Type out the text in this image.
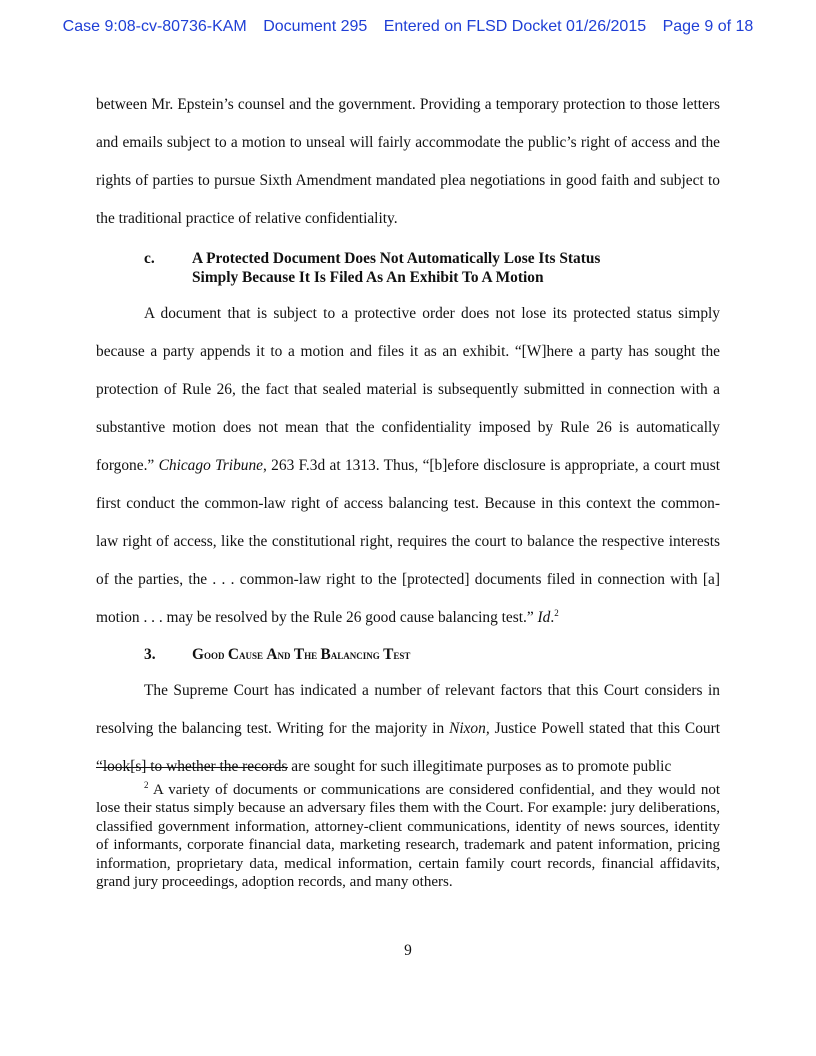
Case 9:08-cv-80736-KAM Document 295 Entered on FLSD Docket 01/26/2015 Page 9 of 18

between Mr. Epstein’s counsel and the government. Providing a temporary protection to those letters and emails subject to a motion to unseal will fairly accommodate the public’s right of access and the rights of parties to pursue Sixth Amendment mandated plea negotiations in good faith and subject to the traditional practice of relative confidentiality.

c. A Protected Document Does Not Automatically Lose Its Status
Simply Because It Is Filed As An Exhibit To A Motion

A document that is subject to a protective order does not lose its protected status simply because a party appends it to a motion and files it as an exhibit. “[W]here a party has sought the protection of Rule 26, the fact that sealed material is subsequently submitted in connection with a substantive motion does not mean that the confidentiality imposed by Rule 26 is automatically forgone.” Chicago Tribune, 263 F.3d at 1313. Thus, “[b]efore disclosure is appropriate, a court must first conduct the common-law right of access balancing test. Because in this context the common-law right of access, like the constitutional right, requires the court to balance the respective interests of the parties, the . . . common-law right to the [protected] documents filed in connection with [a] motion . . . may be resolved by the Rule 26 good cause balancing test.” Id.$^2$

3. Good Cause And The Balancing Test

The Supreme Court has indicated a number of relevant factors that this Court considers in resolving the balancing test. Writing for the majority in Nixon, Justice Powell stated that this Court “look[s] to whether the records are sought for such illegitimate purposes as to promote public

$^2$ A variety of documents or communications are considered confidential, and they would not lose their status simply because an adversary files them with the Court. For example: jury deliberations, classified government information, attorney-client communications, identity of news sources, identity of informants, corporate financial data, marketing research, trademark and patent information, pricing information, proprietary data, medical information, certain family court records, financial affidavits, grand jury proceedings, adoption records, and many others.
9
